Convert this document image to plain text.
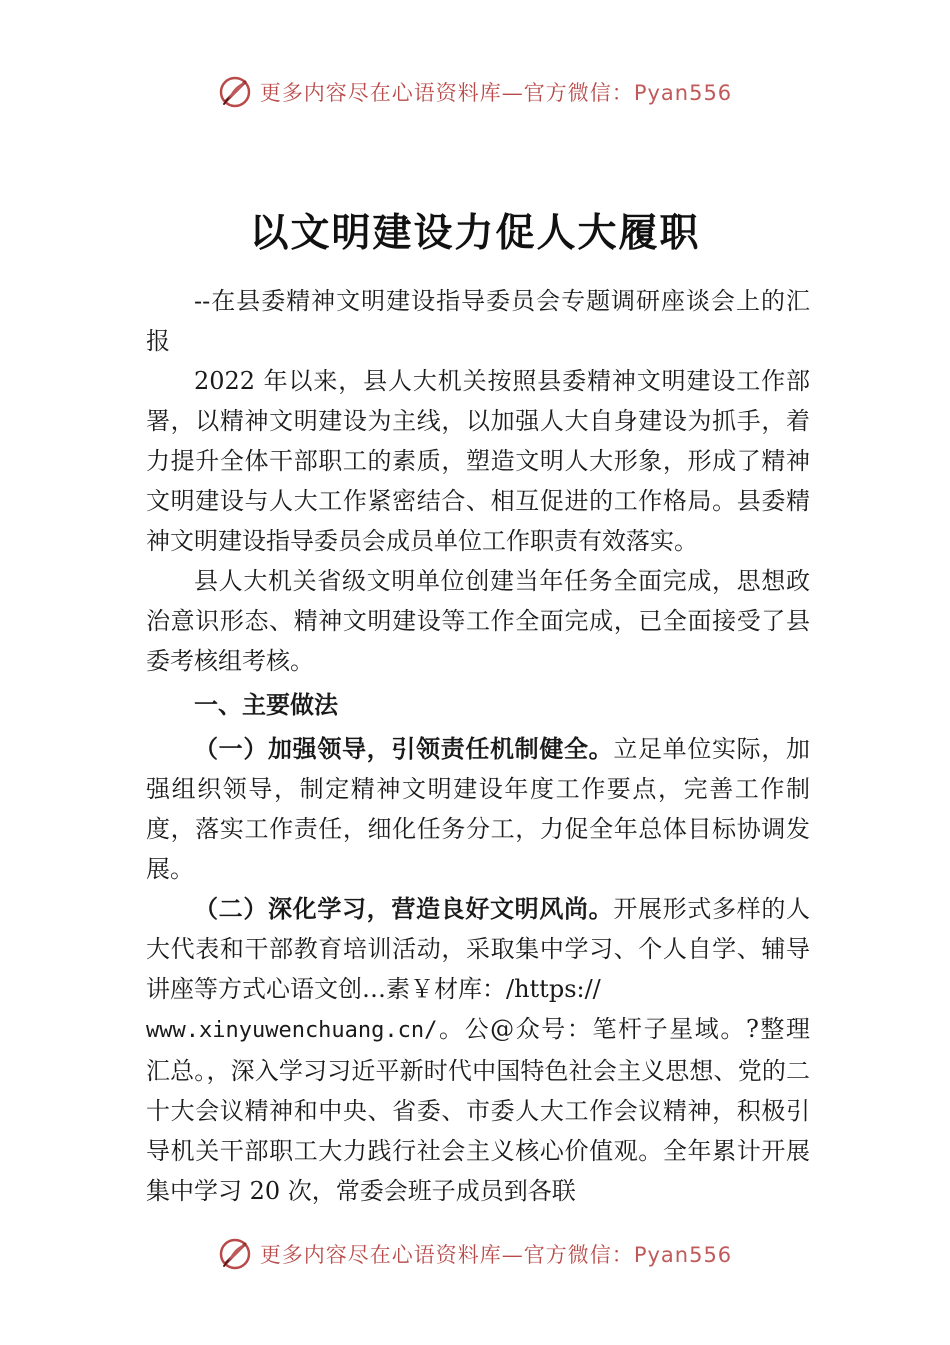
更多内容尽在心语资料库—官方微信：Pyan556
以文明建设力促人大履职

--在县委精神文明建设指导委员会专题调研座谈会上的汇报

2022 年以来，县人大机关按照县委精神文明建设工作部署，以精神文明建设为主线，以加强人大自身建设为抓手，着力提升全体干部职工的素质，塑造文明人大形象，形成了精神文明建设与人大工作紧密结合、相互促进的工作格局。县委精神文明建设指导委员会成员单位工作职责有效落实。

县人大机关省级文明单位创建当年任务全面完成，思想政治意识形态、精神文明建设等工作全面完成，已全面接受了县委考核组考核。

一、主要做法

（一）加强领导，引领责任机制健全。立足单位实际，加强组织领导，制定精神文明建设年度工作要点，完善工作制度，落实工作责任，细化任务分工，力促全年总体目标协调发展。

（二）深化学习，营造良好文明风尚。开展形式多样的人大代表和干部教育培训活动，采取集中学习、个人自学、辅导讲座等方式心语文创…素￥材库：/https://
www.xinyuwenchuang.cn/。公@众号：笔杆子星域。?整理汇总。，深入学习习近平新时代中国特色社会主义思想、党的二十大会议精神和中央、省委、市委人大工作会议精神，积极引导机关干部职工大力践行社会主义核心价值观。全年累计开展集中学习 20 次，常委会班子成员到各联

更多内容尽在心语资料库—官方微信：Pyan556
